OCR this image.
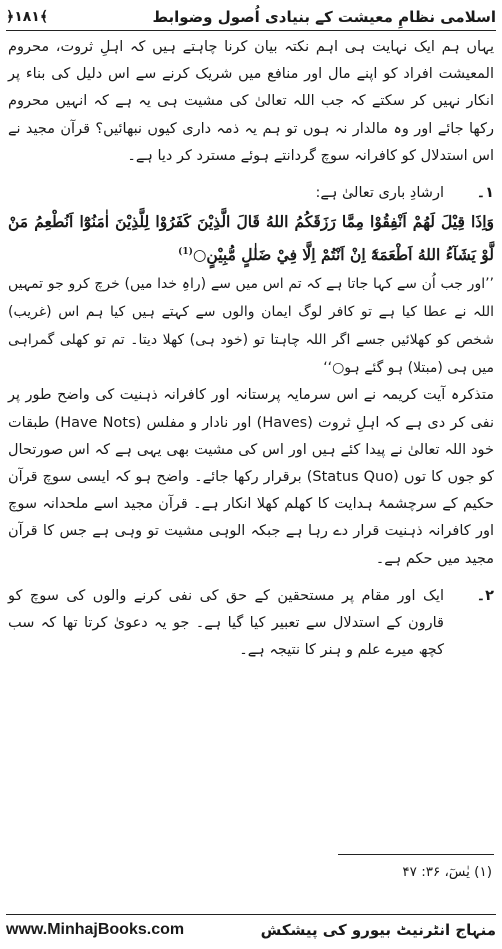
اسلامی نظامِ معیشت کے بنیادی اُصول وضوابط
﴾۱۸۱﴿

یہاں ہم ایک نہایت ہی اہم نکتہ بیان کرنا چاہتے ہیں کہ اہلِ ثروت، محروم المعیشت افراد کو اپنے مال اور منافع میں شریک کرنے سے اس دلیل کی بناء پر انکار نہیں کر سکتے کہ جب اللہ تعالیٰ کی مشیت ہی یہ ہے کہ انہیں محروم رکھا جائے اور وہ مالدار نہ ہوں تو ہم یہ ذمہ داری کیوں نبھائیں؟ قرآن مجید نے اس استدلال کو کافرانہ سوچ گردانتے ہوئے مسترد کر دیا ہے۔

۱۔
ارشادِ باری تعالیٰ ہے:

وَاِذَا قِيْلَ لَهُمْ اَنْفِقُوْا مِمَّا رَزَقَكُمُ اللهُ قَالَ الَّذِيْنَ كَفَرُوْا لِلَّذِيْنَ اٰمَنُوْٓا اَنُطْعِمُ مَنْ لَّوْ يَشَآءُ اللهُ اَطْعَمَهٗٓ اِنْ اَنْتُمْ اِلَّا فِيْ ضَلٰلٍ مُّبِيْنٍ○$^{(1)}$

’’اور جب اُن سے کہا جاتا ہے کہ تم اس میں سے (راہِ خدا میں) خرچ کرو جو تمہیں اللہ نے عطا کیا ہے تو کافر لوگ ایمان والوں سے کہتے ہیں کیا ہم اس (غریب) شخص کو کھلائیں جسے اگر اللہ چاہتا تو (خود ہی) کھلا دیتا۔ تم تو کھلی گمراہی میں ہی (مبتلا) ہو گئے ہو○‘‘

متذکرہ آیت کریمہ نے اس سرمایہ پرستانہ اور کافرانہ ذہنیت کی واضح طور پر نفی کر دی ہے کہ اہلِ ثروت (Haves) اور نادار و مفلس (Have Nots) طبقات خود اللہ تعالیٰ نے پیدا کئے ہیں اور اس کی مشیت بھی یہی ہے کہ اس صورتحال کو جوں کا توں (Status Quo) برقرار رکھا جائے۔ واضح ہو کہ ایسی سوچ قرآن حکیم کے سرچشمۂ ہدایت کا کھلم کھلا انکار ہے۔ قرآن مجید اسے ملحدانہ سوچ اور کافرانہ ذہنیت قرار دے رہا ہے جبکہ الوہی مشیت تو وہی ہے جس کا قرآن مجید میں حکم ہے۔

۲۔
ایک اور مقام پر مستحقین کے حق کی نفی کرنے والوں کی سوچ کو قارون کے استدلال سے تعبیر کیا گیا ہے۔ جو یہ دعویٰ کرتا تھا کہ سب کچھ میرے علم و ہنر کا نتیجہ ہے۔
(۱) یٰسٓ، ۳۶: ۴۷
www.MinhajBooks.com	منہاج انٹرنیٹ بیورو کی پیشکش
